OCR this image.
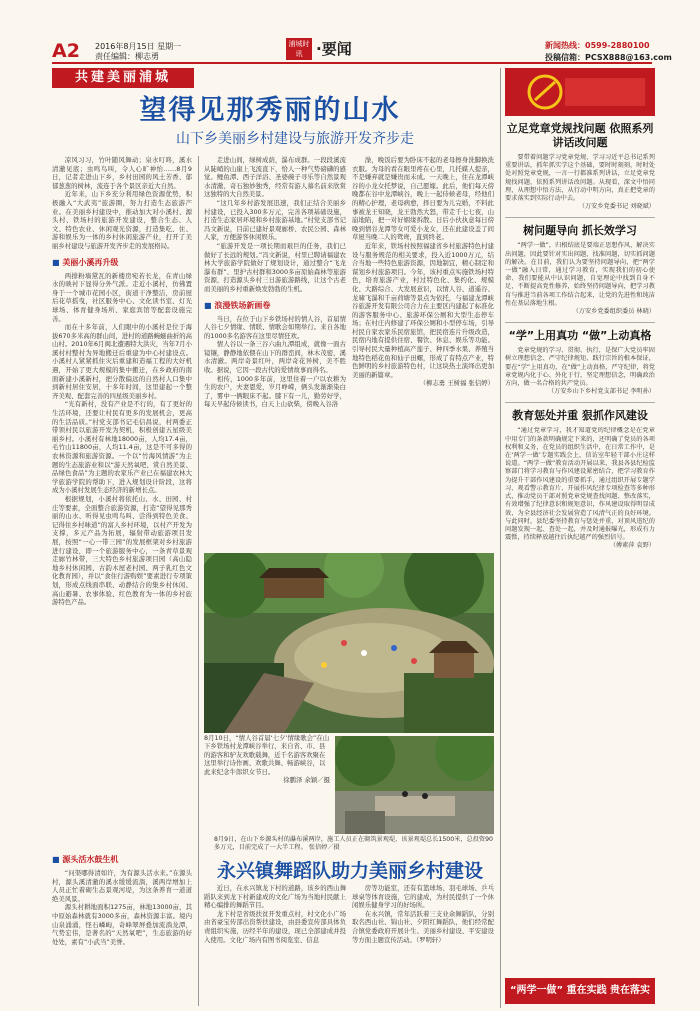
A2 2016年8月15日 星期一
责任编辑：柳志勇
浦城时讯 ·要闻	新闻热线：0599-2880100
投稿信箱：PCSX888@163.com
共建美丽浦城
望得见那秀丽的山水
山下乡美丽乡村建设与旅游开发齐步走

凉风习习，竹叶随风舞动；泉水叮咚，溪水清澈见底；虫鸣鸟叫，令人心旷神怡……8月9日，记者走进山下乡，乡村田园的风土芳香、郁郁葱葱的树林，流连于各个景区亲近大自然。

近年来，山下乡充分利用绿色资源优势，积极融入“大武夷”旅游圈，努力打造生态旅游产业。在美丽乡村建设中，推动加大对小溪村、源头村、铁场村的旅游开发建设，整合生态、人文、特色农业、休闲观光资源，打造集吃、住、游和娱乐为一体的乡村休闲旅游产业，打开了美丽乡村建设与旅游开发齐步走的发展格局。

■ 美丽小溪再升级

两排粉墙黛瓦的新楼房宛若长龙，在青山绿水的映衬下显得分外气派。走近小溪村，仿佛置身于一个城市花园小区，街道干净整洁，房前屋后花草摇曳，社区服务中心、文化读书室、灯光球场、体育健身场所、家庭宾馆等配套设施完善。

而在十多年前，人们眼中的小溪村是位于海拔670多米高的群山间，进村的道路蜿蜒曲折的高山村。2010年6月闽北遭遇特大洪灾，当年7月小溪村村整村为异地搬迁后重建为中心村建设点。小溪村人紧紧抓住灾后重建和造福工程的大好机遇，开始了更大规模的集中搬迁，在乡政府的南面新建小溪新村，把分散偏远的自然村人口集中到新村居住安居，十多年时间，这里建起一个整齐美观、配套完善的四星级美丽乡村。

“光有新村，没有产业是不行的，有了更好的生活环境，还要让村民有更多的发展机会，更高的生活品质。”村党支部书记毛信昌说，村两委正带领村民以旅游开发为契机，积极创建五星级美丽乡村。小溪村有林地18000亩，人均17.4亩，毛竹山11800亩，人均11.4亩，这是不可多得的农林资源和旅游资源。一个以“竹海风情游”为主题的生态旅游业和以“游天然氧吧、赏自然美景、品绿色食品”为主题的农家乐产业已在福建农林大学旅游学院的帮助下，进入规划设计阶段，这将成为小溪村发展生态经济的新增长点。

根据规划，小溪村将依托山、水、田园、村庄等要素，全面整合旅游资源，打造“望得见那秀丽的山水、听得见虫鸣鸟叫、尝得到特色美食、记得住乡村味道”的富人乡村环境，以村产开发为支撑，多元产品为拓展，辐射带动旅游项目发展，按照“一心一带三园”的发展框架对乡村旅游进行建设，即一个旅游服务中心，一条青草景观走廊竹林带，三大特色乡村旅游项目园（高山隐地乡村休闲园、古韵木屋老村园、两子乳红色文化教育园），并以“食住行游购娱”要素进行专项策划，形成点线面串联、动静结合的集乡村休闲、高山避暑、农事体验、红色教育为一体的乡村旅游特色产品。

■ 源头活水鼓生机

“问渠哪得清如许，为有源头活水来。”在源头村，源头溪清澈的溪水缓缓流淌，溪两岸增加上人员正忙着砌生态景观河堤，为这条养育一道道绝美风景。

源头村耕地面积1275亩，林地13000亩，其中原始森林就有3000多亩，森林资源丰富。境内山泉涌涌，怪石嶙峋，奇峰翠屏叠加流淌龙潭，气势宏伟，是著名的“天然氧吧”，生态旅游的好处处，素有“小武当”美誉。

走进山间，绿树成荫，瀑布成群。一段段溪流从陡峭的山崖上飞流直下，恰人一种气势磅礴的感觉。鲤鱼潭、西子洋浴、圣婆碗子寻乐等自然景观水清澈、奇石独妙独秀，经常有游人慕名前来欣赏这独特的大自然美景。

“这几年乡村游发展迅速，我们正结合美丽乡村建设，已投入300多万元，完善各项基础设施，打造生态家居环境和乡村旅游基地。”村党支部书记冯文新说，目前已建好景观廊桥、农民公园、森林人家，方便游客休闲娱乐。

“旅游开发是一项长期而艰巨的任务，我们已做好了长远的规划。”冯文新说，村里已聘请福建农林大学旅游学院做好了规划设计，通过整合“飞龙瀑布群”、里护古村群和3000多亩原始森林等旅游资源，打造源头乡村三日游旅游路线，让这个古老而美丽的乡村重新焕发勃勃的生机。

■ 浪漫铁场新画卷

当日，在位于山下乡铁场村的情人谷，首届情人谷七夕情缘、情联、情歌会如期举行。来自各地的1000多名游客在这里尽情狂欢。

情人谷以一条三谷六曲九潭组成，就像一面古镜镶，静静地依偎在山下的群峦间，林木茂密，溪水清澈。两岸奇景红叶，两岸奇花异树，美不胜收。据说，它因一段古代的爱情故事而得名。

相传，1000多年前，这里住着一户以农耕为生的农户，夫妻恩爱，岁月峥嵘，俩头发渐渐染白了，雾中一俩眼床不起。膝下有一儿，勤劳好学，每天早起侍候读书，白天上山砍柴，傍晚入谷洛

澡，晚饭后要为卧床不起的老母擦身洗脚换洗衣服。为母的看在眼里疼在心里，几托媒人提亲，不是嫌弃就是嫌贵而未成。一天晚上，住在龙潭峡谷的小龙女托梦说，自己愿嫁。此后，他们每天傍晚都在谷中龙潭峡谷，晚上一起侍候老母，经他们的精心护理，老母病愈，择日要为儿完婚，不料此事被龙王知晓，龙王勃然大怒，带走千七七夜，山崩地陷，把一对好姻缘拆散。日后小伙执意每日傍晚到情谷龙潭等女可爱小龙女，还在此建设盖了间草屋当晚二人的鸳鸯，直到终老。

近年来，铁场村按照福建省乡村旅游特色村建设与服务规范的相关要求，投入近1000万元，结合当地一些特色旅游资源，因地制宜，精心制定和谋划乡村旅游项目。今年，该村重点实施铁场村特色，培育旅游产业，村过特色化、集约化、规模化、大路综合、大发展意识，以情人谷、道遥谷、龙啸飞瀑和千亩荷塘等景点为依托，与福建龙潭峡谷旅游开发有限公司合力在主要区内建起了标准化的游客服务中心、旅游环保公厕和大型生态停车场；在村庄内修建了环保公厕和小型停车场，引导村民自家农家乐民宿旅馆，把民宿连片升级改造，民宿内地有提供住宿、餐饮、休息、娱乐等功能。引导村民大量种植高产莲子、种四季水果、养殖当地特色稻花鱼和仙子田螺，形成了有特点产业，特色鲜明的乡村旅游特色村，让这块热土演绎出更加美丽的新篇章。

（柳志勇 王树福 张信婷）

8月10日，“情人谷首届‘七夕’情缘歌会”在山下乡铁场村龙潭峡谷举行，来自省、市、县的游客和驴友欢歌载舞，近千名游客欢聚在这里举行诗作画、欢歌共舞、畅游峡谷，以此来纪念牛郎织女节日。
徐鹏泽 余颖／摄
8月9日，在山下乡源头村的瀑布溪两岸，施工人员正在砌筑景观堤，该景观堤总长1500米，总投资90多万元，目前完成了一大半工程。 张信婷／摄
永兴镇舞蹈队助力美丽乡村建设

近日，在永兴镇龙下村的道路，该乡的西山舞蹈队来到龙下村新建成的文化广场为当地村民献上精心编排的舞蹈节目。

龙下村是省级扶贫开发重点村，村文化小广场由省豪宝传部出资帮扶建设，由县委宣传部具体负责组织实施，历经半年的建设，现已全部建成并投入使用。文化广场内有图书阅览室、信息

房等功能室，还有有篮球场、羽毛球场、乒乓球桌等体育设施，它的建成，为村民提供了一个休闲娱乐健身学习的好场所。

在永兴镇，常年活跃着三支业余舞蹈队，分别取名西山社、锦山社、夕阳红舞蹈队，他们经常配合镇党委政府开展计生、美丽乡村建设、平安建设等方面主题宣传活动。（罗明轩）

立足党章党规找问题 依照系列讲话改问题

要带着问题学习党章党规、学习习近平总书记系列重要讲话，抓年抓实学这个基础，要时时刻刻，时时处处对照党章党规，一言一行都准系列讲话，立足党章党规找问题，依照系列讲话改问题。从现看，深文中悟同理，从理想中悟方法，从行动中明方向，真正把党章的要求落实到实际行动中去。

（万安乡党委书记 刘晓斌）
树问题导向 抓长效学习

“两学一做”，归根结底是要端正思想作风，解决实出问题，因此要针对实出问题，找准问题，切实抓问题的解决。在目前，我们认为要坚持问题导向，把“两学一做”融入日常，通过学习教育，实现我们的初心使命、我们要能从中认识问题，自觉理论中找到自身不足，不断提高党性修养，始终坚持问题导向，把学习教育与推进当前各项工作结合起来，让党的先进性和纯洁性在基层落地生根。

（万安乡党委组织委员 林晓）
“学”上用真功 “做”上动真格

党章党规的学习、贯彻、执行，是保广大党员牢固树立理想信念、严守纪律规矩、践行宗旨的根本保证，要在“学”上用真功，在“做”上动真格，严守纪律，将党章党规内化于心、外化于行，坚定理想信念，明确政治方向，做一名合格的共产党员。

（万安乡山下乡村党支部书记 李明孙）
教育惩处并重 狠抓作风建设

“通过党章学习，我才知道党的纪律概念是在党章中用专门的条款明确规定下来的，还明确了党员的各项权利和义务，在党员的组织生活中，在日常工作中，是在‘两学一做’专题实践会上，信访室年轻干部小庄这样说道。“两学一做”教育活动开展以来，我县各县纪检监察部门将学习教育与作风建设紧密结合，把学习教育作为提升干部作风建设的重要抓手，通过组织开展专题学习、观看警示教育片、开展作风纪律专项检查等多种形式，推动党员干部对照党章党规查找问题、整改落实，有效增强了纪律意识和规矩意识，作风建设取得明显成效，为全县经济社会发展营造了风清气正的良好环境。与此同时，县纪委坚持教育与惩处并重，对顶风违纪的问题发现一起、查处一起，并及时通报曝光，形成有力震慑，持续释放越往后执纪越严的强烈信号。

（傅素萍 袁野）
“两学一做” 重在实践 贵在落实
